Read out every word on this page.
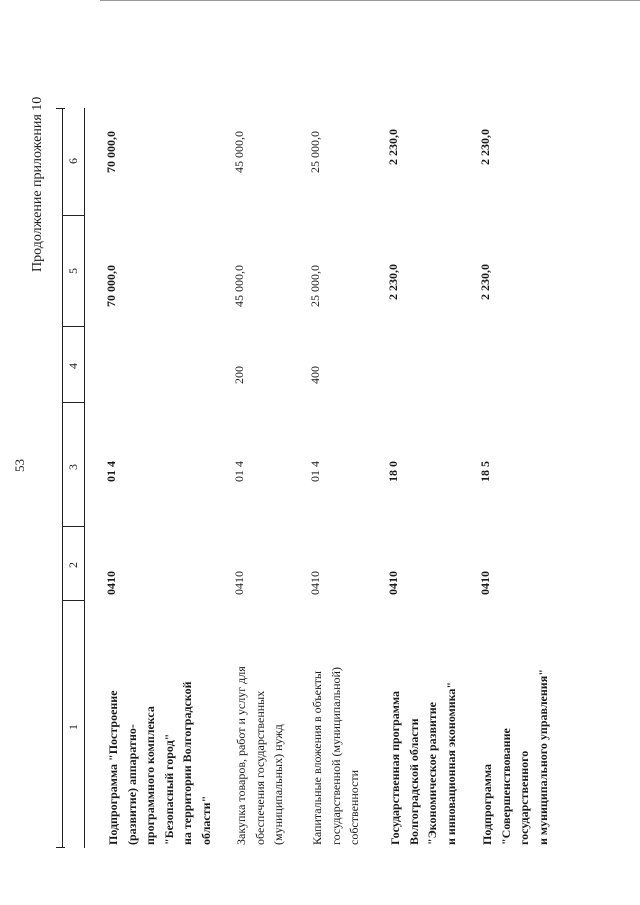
53
Продолжение приложения 10
1
2
3
4
5
6
Подпрограмма "Построение (развитие) аппаратно- программного комплекса "Безопасный город" на территории Волгоградской области"
0410
01 4
70 000,0
70 000,0
Закупка товаров, работ и услуг для обеспечения государственных (муниципальных) нужд
0410
01 4
200
45 000,0
45 000,0
Капитальные вложения в объекты государственной (муниципальной) собственности
0410
01 4
400
25 000,0
25 000,0
Государственная программа Волгоградской области "Экономическое развитие и инновационная экономика"
0410
18 0
2 230,0
2 230,0
Подпрограмма "Совершенствование государственного и муниципального управления"
0410
18 5
2 230,0
2 230,0
